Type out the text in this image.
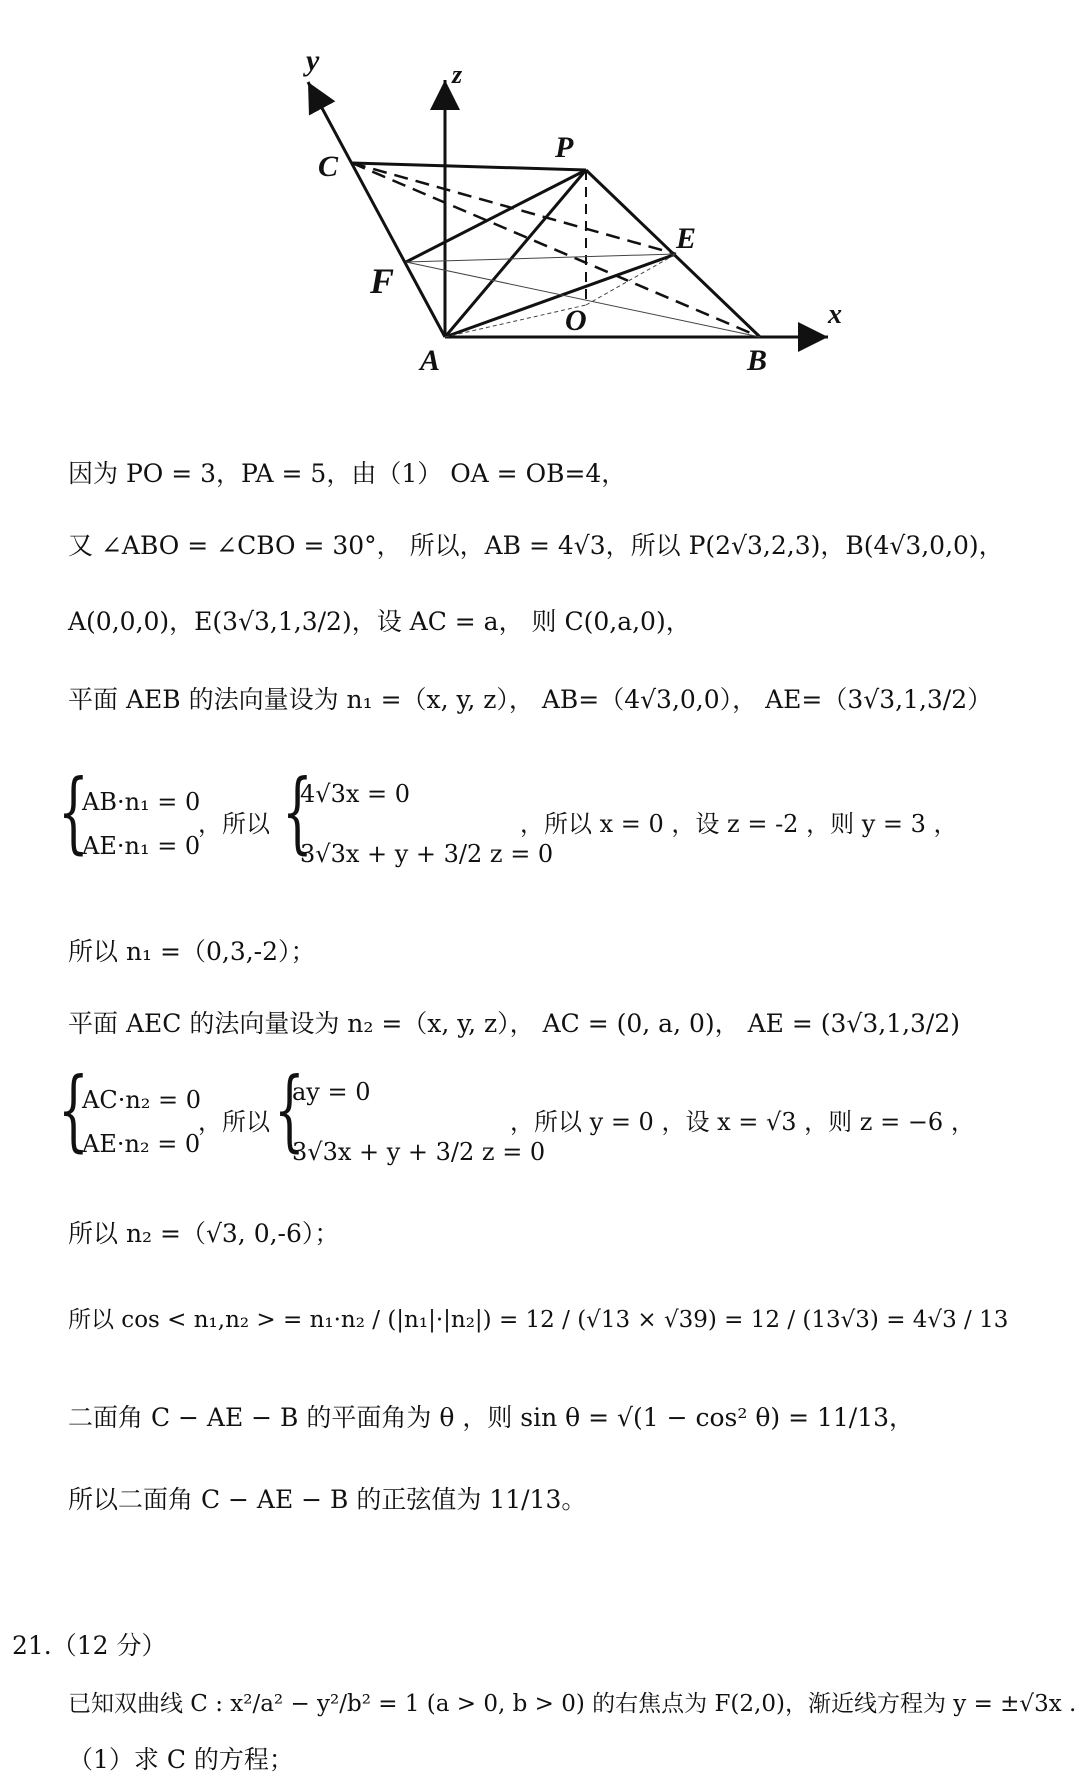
y	z
x
C
P
E
F
O
A	B
因为 PO = 3，PA = 5，由（1） OA = OB=4，
又 ∠ABO = ∠CBO = 30°， 所以，AB = 4√3，所以 P(2√3,2,3)，B(4√3,0,0)，
A(0,0,0)，E(3√3,1,3/2)，设 AC = a， 则 C(0,a,0)，
平面 AEB 的法向量设为 n₁ =（x, y, z）， AB=（4√3,0,0）， AE=（3√3,1,3/2）
{
AB·n₁ = 0
AE·n₁ = 0
，所以 {
4√3x = 0
3√3x + y + 3/2 z = 0
，所以 x = 0 ，设 z = -2 ，则 y = 3 ，
所以 n₁ =（0,3,-2）；
平面 AEC 的法向量设为 n₂ =（x, y, z）， AC = (0, a, 0)， AE = (3√3,1,3/2)
{
AC·n₂ = 0
AE·n₂ = 0
，所以 {
ay = 0
3√3x + y + 3/2 z = 0
，所以 y = 0 ，设 x = √3 ，则 z = −6 ，
所以 n₂ =（√3, 0,-6）；
所以 cos < n₁,n₂ > = n₁·n₂ / (|n₁|·|n₂|) = 12 / (√13 × √39) = 12 / (13√3) = 4√3 / 13
二面角 C − AE − B 的平面角为 θ ，则 sin θ = √(1 − cos² θ) = 11/13，
所以二面角 C − AE − B 的正弦值为 11/13。
21.（12 分）
已知双曲线 C : x²/a² − y²/b² = 1 (a > 0, b > 0) 的右焦点为 F(2,0)，渐近线方程为 y = ±√3x .
（1）求 C 的方程；
